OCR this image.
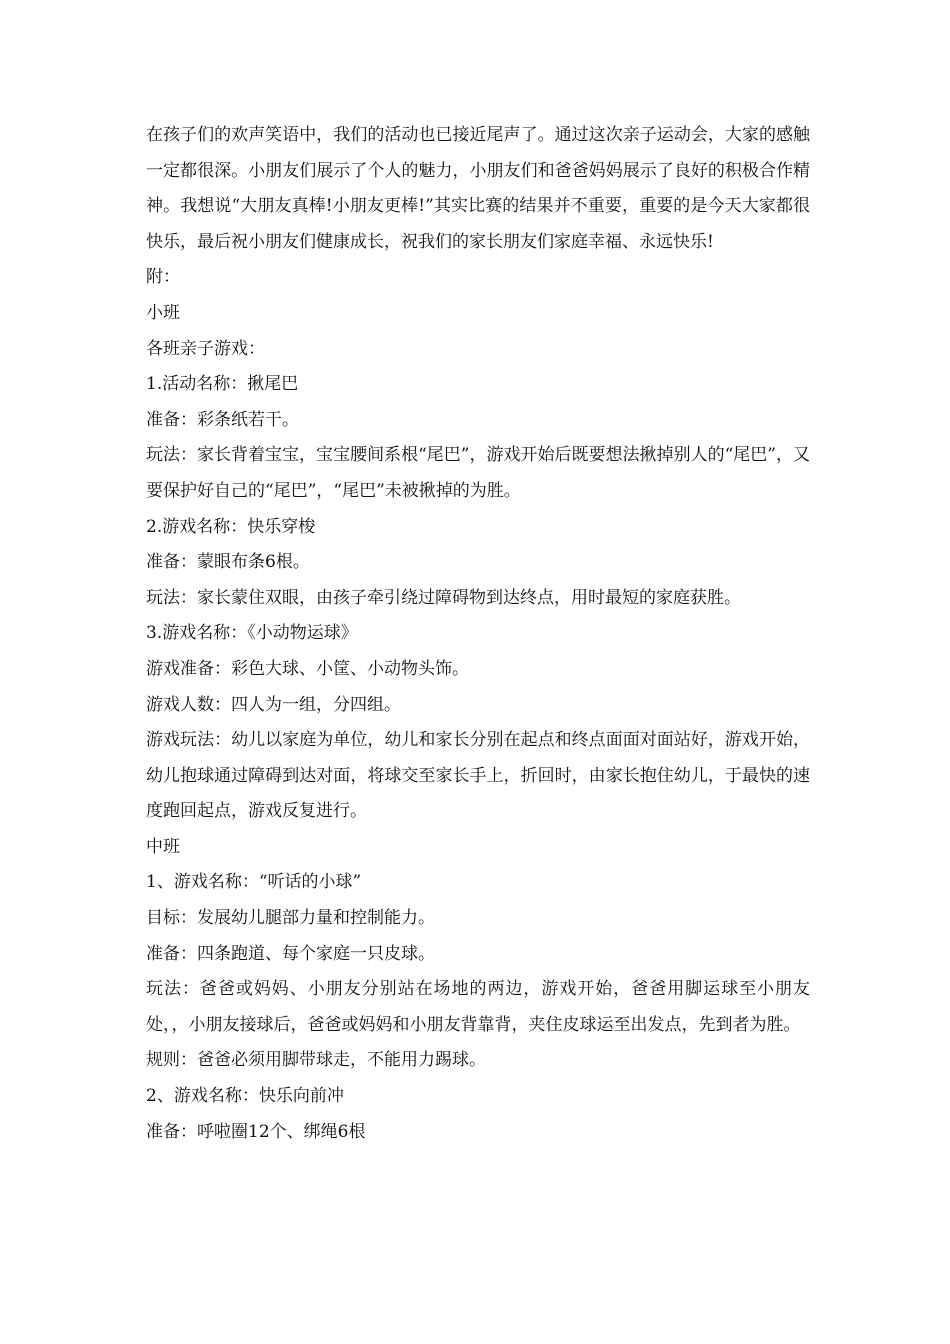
在孩子们的欢声笑语中，我们的活动也已接近尾声了。通过这次亲子运动会，大家的感触一定都很深。小朋友们展示了个人的魅力，小朋友们和爸爸妈妈展示了良好的积极合作精神。我想说“大朋友真棒!小朋友更棒!”其实比赛的结果并不重要，重要的是今天大家都很快乐，最后祝小朋友们健康成长，祝我们的家长朋友们家庭幸福、永远快乐!

附：

小班

各班亲子游戏：

1.活动名称：揪尾巴

准备：彩条纸若干。

玩法：家长背着宝宝，宝宝腰间系根“尾巴”，游戏开始后既要想法揪掉别人的“尾巴”，又要保护好自己的“尾巴”，“尾巴”未被揪掉的为胜。

2.游戏名称：快乐穿梭

准备：蒙眼布条6根。

玩法：家长蒙住双眼，由孩子牵引绕过障碍物到达终点，用时最短的家庭获胜。

3.游戏名称：《小动物运球》

游戏准备：彩色大球、小筐、小动物头饰。

游戏人数：四人为一组，分四组。

游戏玩法：幼儿以家庭为单位，幼儿和家长分别在起点和终点面面对面站好，游戏开始，幼儿抱球通过障碍到达对面，将球交至家长手上，折回时，由家长抱住幼儿，于最快的速度跑回起点，游戏反复进行。

中班

1、游戏名称：“听话的小球”

目标：发展幼儿腿部力量和控制能力。

准备：四条跑道、每个家庭一只皮球。

玩法：爸爸或妈妈、小朋友分别站在场地的两边，游戏开始，爸爸用脚运球至小朋友处，，小朋友接球后，爸爸或妈妈和小朋友背靠背，夹住皮球运至出发点，先到者为胜。

规则：爸爸必须用脚带球走，不能用力踢球。

2、游戏名称：快乐向前冲

准备：呼啦圈12个、绑绳6根
